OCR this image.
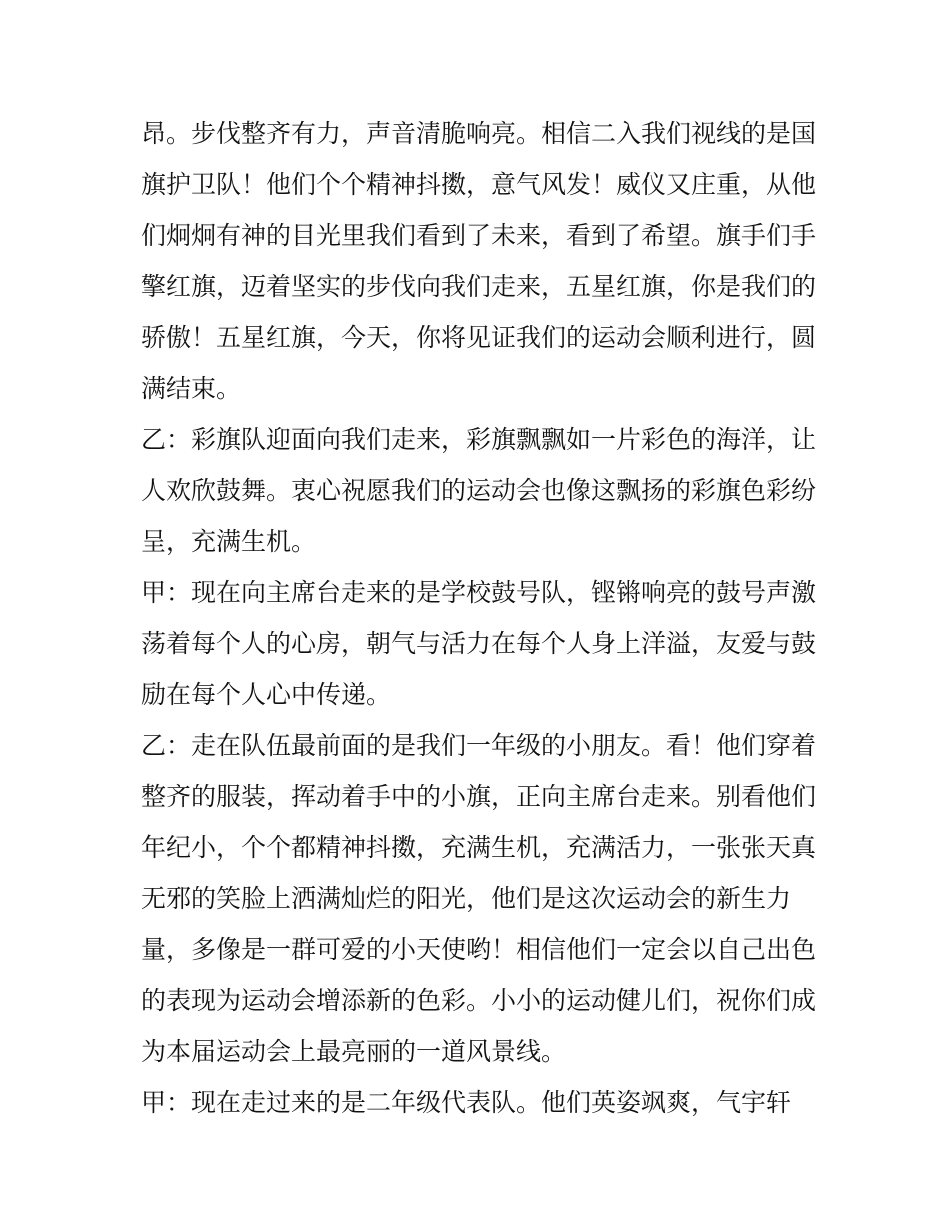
昂。步伐整齐有力，声音清脆响亮。相信二入我们视线的是国
旗护卫队！他们个个精神抖擞，意气风发！威仪又庄重，从他
们炯炯有神的目光里我们看到了未来，看到了希望。旗手们手
擎红旗，迈着坚实的步伐向我们走来，五星红旗，你是我们的
骄傲！五星红旗，今天，你将见证我们的运动会顺利进行，圆
满结束。
乙：彩旗队迎面向我们走来，彩旗飘飘如一片彩色的海洋，让
人欢欣鼓舞。衷心祝愿我们的运动会也像这飘扬的彩旗色彩纷
呈，充满生机。
甲：现在向主席台走来的是学校鼓号队，铿锵响亮的鼓号声激
荡着每个人的心房，朝气与活力在每个人身上洋溢，友爱与鼓
励在每个人心中传递。
乙：走在队伍最前面的是我们一年级的小朋友。看！他们穿着
整齐的服装，挥动着手中的小旗，正向主席台走来。别看他们
年纪小，个个都精神抖擞，充满生机，充满活力，一张张天真
无邪的笑脸上洒满灿烂的阳光，他们是这次运动会的新生力
量，多像是一群可爱的小天使哟！相信他们一定会以自己出色
的表现为运动会增添新的色彩。小小的运动健儿们，祝你们成
为本届运动会上最亮丽的一道风景线。
甲：现在走过来的是二年级代表队。他们英姿飒爽，气宇轩
